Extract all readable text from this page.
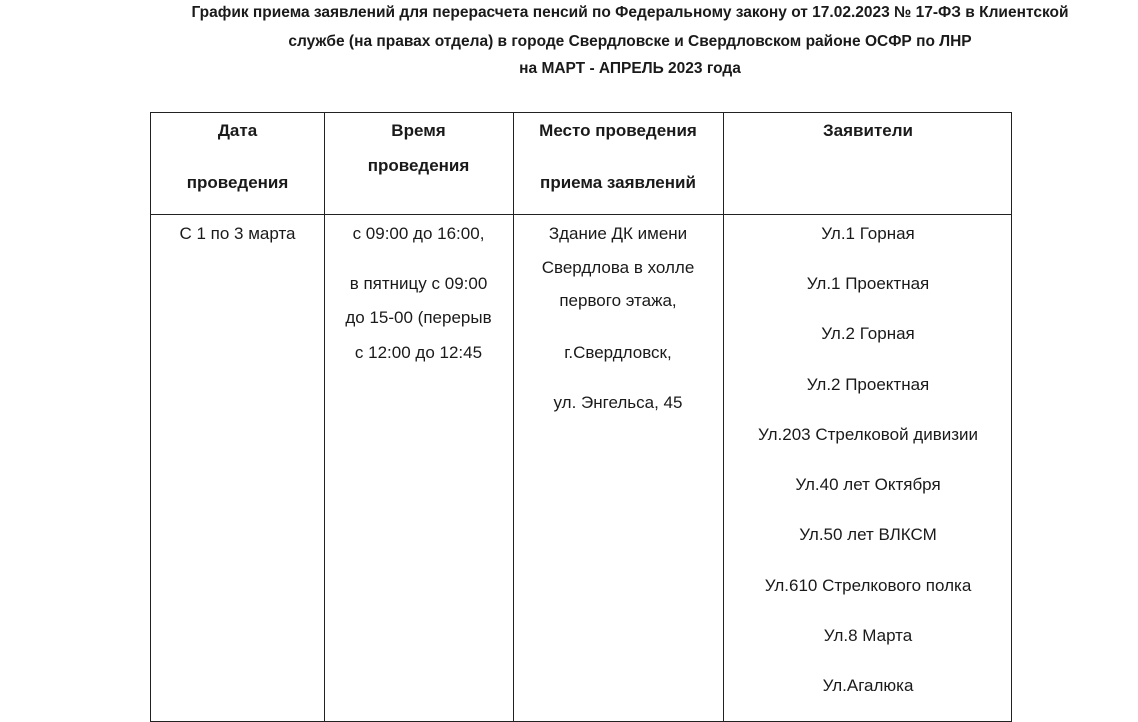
График приема заявлений для перерасчета пенсий по Федеральному закону от 17.02.2023 № 17-ФЗ в Клиентской
службе (на правах отдела) в городе Свердловске и Свердловском районе ОСФР по ЛНР
на МАРТ - АПРЕЛЬ 2023 года
Дата
проведения
Время
проведения
Место проведения
приема заявлений
Заявители
С 1 по 3 марта	с 09:00 до 16:00,
в пятницу с 09:00
до 15-00 (перерыв
с 12:00 до 12:45
Здание ДК имени
Свердлова в холле
первого этажа,
г.Свердловск,
ул. Энгельса, 45
Ул.1 Горная
Ул.1 Проектная
Ул.2 Горная
Ул.2 Проектная
Ул.203 Стрелковой дивизии
Ул.40 лет Октября
Ул.50 лет ВЛКСМ
Ул.610 Стрелкового полка
Ул.8 Марта
Ул.Агалюка
